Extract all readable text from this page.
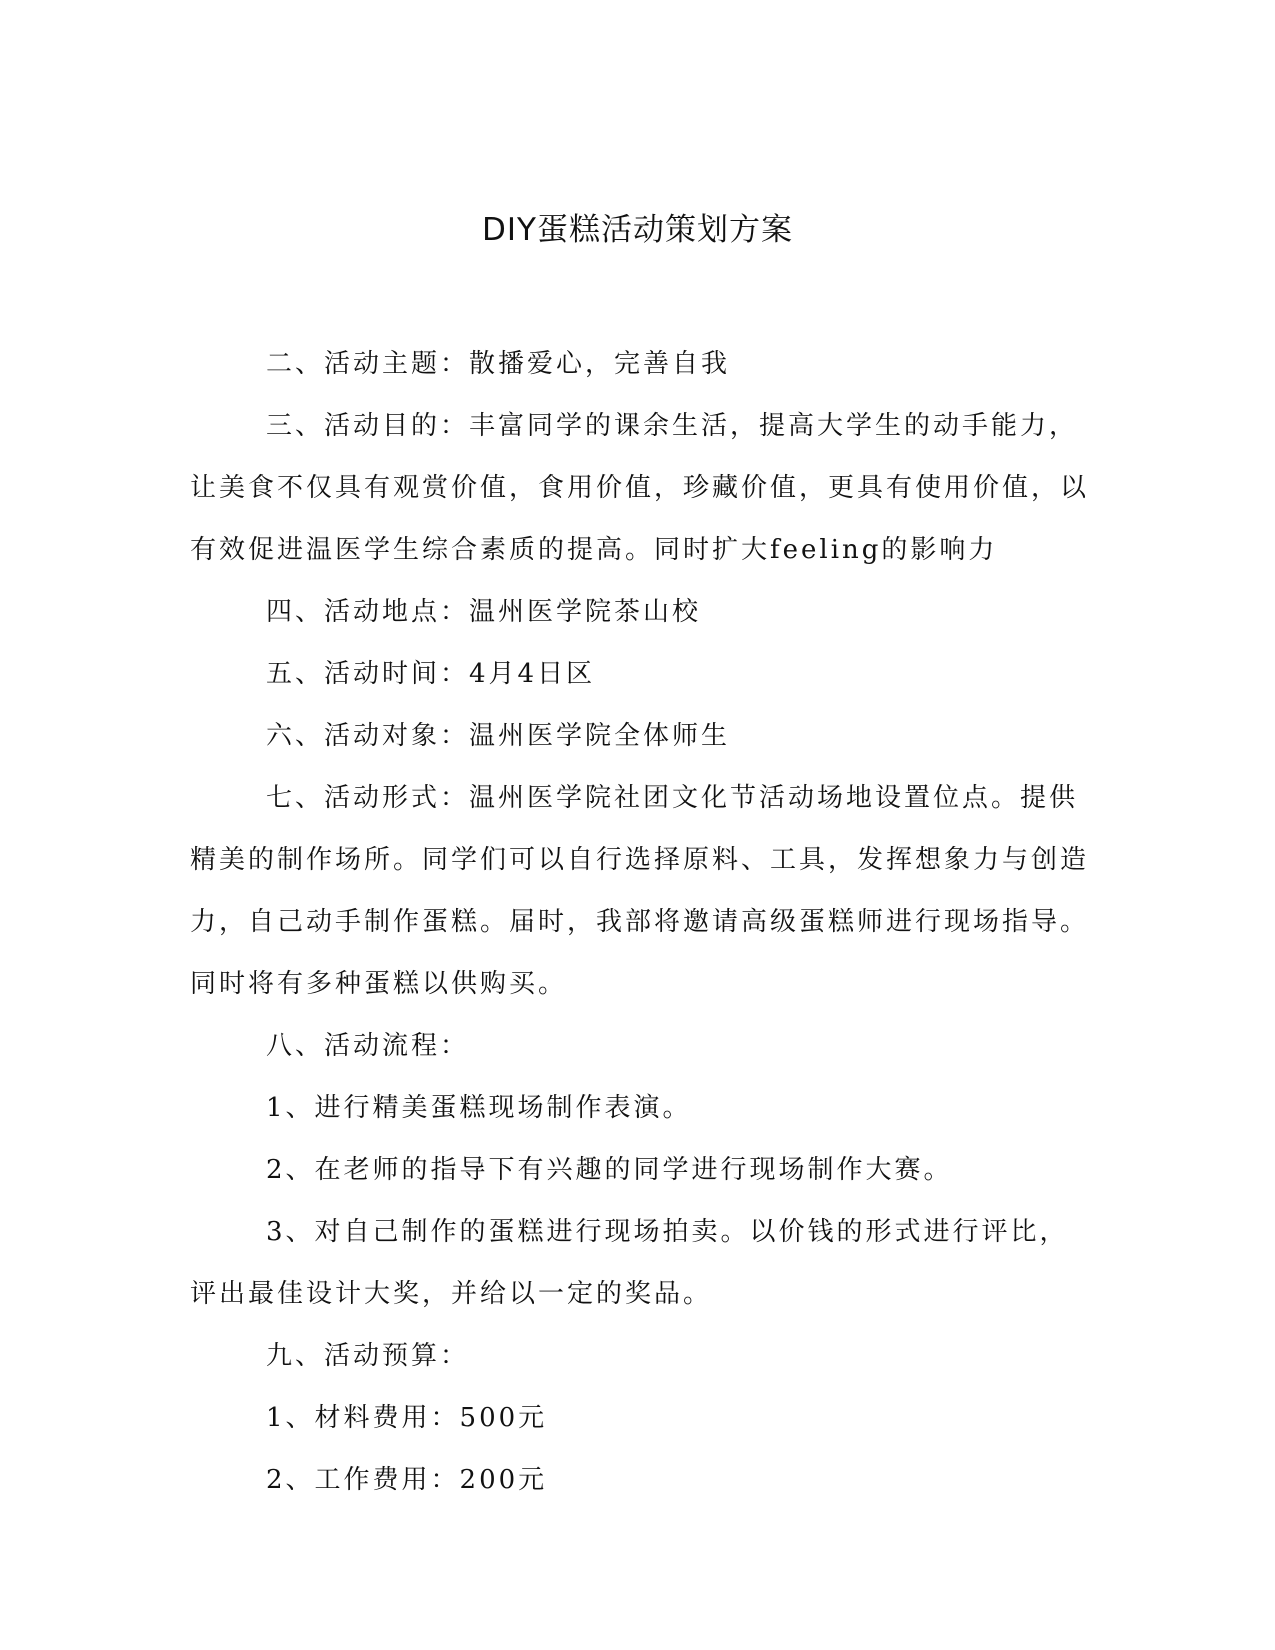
DIY蛋糕活动策划方案

二、活动主题：散播爱心，完善自我

三、活动目的：丰富同学的课余生活，提高大学生的动手能力，让美食不仅具有观赏价值，食用价值，珍藏价值，更具有使用价值，以有效促进温医学生综合素质的提高。同时扩大feeling的影响力

四、活动地点：温州医学院茶山校

五、活动时间：4月4日区

六、活动对象：温州医学院全体师生

七、活动形式：温州医学院社团文化节活动场地设置位点。提供精美的制作场所。同学们可以自行选择原料、工具，发挥想象力与创造力，自己动手制作蛋糕。届时，我部将邀请高级蛋糕师进行现场指导。同时将有多种蛋糕以供购买。

八、活动流程：

1、进行精美蛋糕现场制作表演。

2、在老师的指导下有兴趣的同学进行现场制作大赛。

3、对自己制作的蛋糕进行现场拍卖。以价钱的形式进行评比，评出最佳设计大奖，并给以一定的奖品。

九、活动预算：

1、材料费用：500元

2、工作费用：200元
